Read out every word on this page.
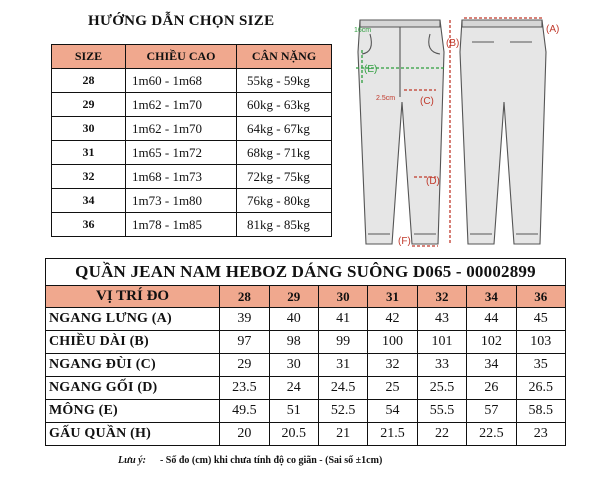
HƯỚNG DẪN CHỌN SIZE
SIZE	CHIỀU CAO	CÂN NẶNG
28	1m60 - 1m68	55kg - 59kg
29	1m62 - 1m70	60kg - 63kg
30	1m62 - 1m70	64kg - 67kg
31	1m65 - 1m72	68kg - 71kg
32	1m68 - 1m73	72kg - 75kg
34	1m73 - 1m80	76kg - 80kg
36	1m78 - 1m85	81kg - 85kg
(A)
(B)
(C)
(D)
(F)
2.5cm
(E)
16cm
QUẦN JEAN NAM HEBOZ DÁNG SUÔNG D065 - 00002899							
VỊ TRÍ ĐO	28	29	30	31	32	34	36
NGANG LƯNG (A)	39	40	41	42	43	44	45
CHIỀU DÀI (B)	97	98	99	100	101	102	103
NGANG ĐÙI (C)	29	30	31	32	33	34	35
NGANG GỐI (D)	23.5	24	24.5	25	25.5	26	26.5
MÔNG (E)	49.5	51	52.5	54	55.5	57	58.5
GẤU QUẦN (H)	20	20.5	21	21.5	22	22.5	23
Lưu ý: - Số đo (cm) khi chưa tính độ co giãn - (Sai số ±1cm)
